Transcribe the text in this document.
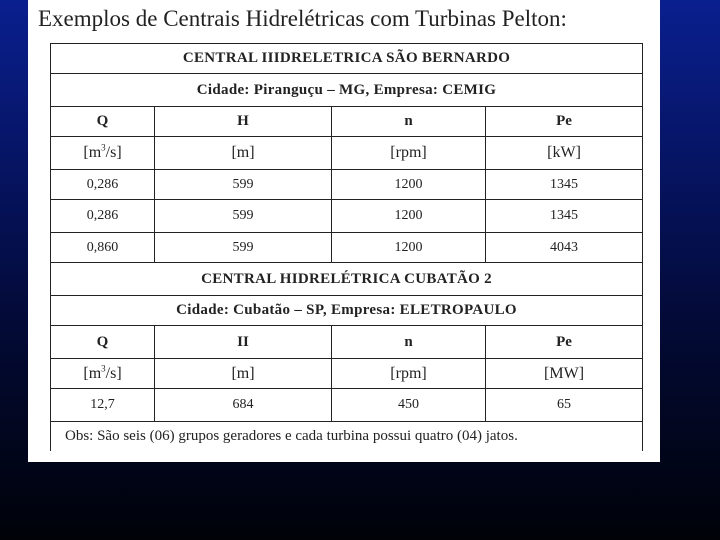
Exemplos de Centrais Hidrelétricas com Turbinas Pelton:
CENTRAL IIIDRELETRICA SÃO BERNARDO			
Cidade: Piranguçu – MG, Empresa: CEMIG			
Q	H	n	Pe
$[m^3/s]$	[m]	[rpm]	[kW]
0,286	599	1200	1345
0,286	599	1200	1345
0,860	599	1200	4043
CENTRAL HIDRELÉTRICA CUBATÃO 2			
Cidade: Cubatão – SP, Empresa: ELETROPAULO			
Q	II	n	Pe
$[m^3/s]$	[m]	[rpm]	[MW]
12,7	684	450	65
Obs: São seis (06) grupos geradores e cada turbina possui quatro (04) jatos.			
